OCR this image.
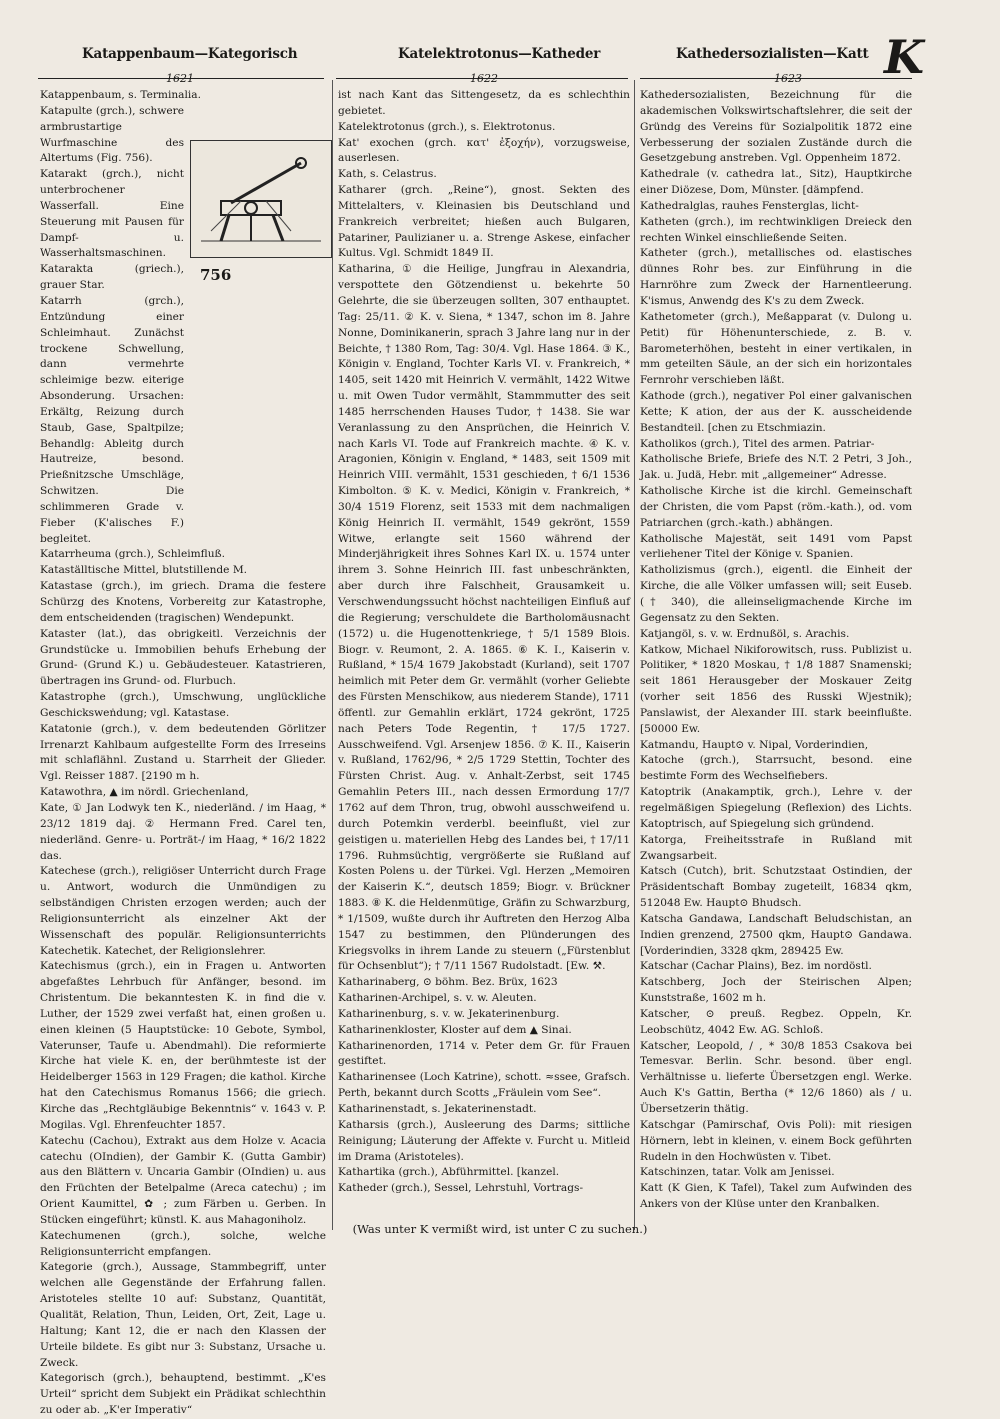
Katappenbaum—Kategorisch	Katelektrotonus—Katheder	Kathedersozialisten—Katt K
1621	1622	1623

Katappenbaum, s. Terminalia.

Katapulte (grch.), schwere armbrustartige Wurfmaschine des Altertums (Fig. 756).

Katarakt (grch.), nicht unterbrochener Wasserfall. Eine Steuerung mit Pausen für Dampf- u. Wasserhaltsmaschinen.

Katarakta (griech.), grauer Star.

Katarrh (grch.), Entzündung einer Schleimhaut. Zunächst trockene Schwellung, dann vermehrte schleimige bezw. eiterige Absonderung. Ursachen: Erkältg, Reizung durch Staub, Gase, Spaltpilze; Behandlg: Ableitg durch Hautreize, besond. Prießnitzsche Umschläge, Schwitzen. Die schlimmeren Grade v. Fieber (K'alisches F.) begleitet.

Katarrheuma (grch.), Schleimfluß.

Kataställtische Mittel, blutstillende M.

Katastase (grch.), im griech. Drama die festere Schürzg des Knotens, Vorbereitg zur Katastrophe, dem entscheidenden (tragischen) Wendepunkt.

Kataster (lat.), das obrigkeitl. Verzeichnis der Grundstücke u. Immobilien behufs Erhebung der Grund- (Grund K.) u. Gebäudesteuer. Katastrieren, übertragen ins Grund- od. Flurbuch.

Katastrophe (grch.), Umschwung, unglückliche Geschicksweṅdung; vgl. Katastase.

Katatonie (grch.), v. dem bedeutenden Görlitzer Irrenarzt Kahlbaum aufgestellte Form des Irreseins mit schlaflähnl. Zustand u. Starrheit der Glieder. Vgl. Reisser 1887. [2190 m h.

Katawothra, ▲ im nördl. Griechenland,

Kate, ① Jan Lodwyk ten K., niederländ. / im Haag, * 23/12 1819 daj. ② Hermann Fred. Carel ten, niederländ. Genre- u. Porträt-/ im Haag, * 16/2 1822 das.

Katechese (grch.), religiöser Unterricht durch Frage u. Antwort, wodurch die Unmündigen zu selbständigen Christen erzogen werden; auch der Religionsunterricht als einzelner Akt der Wissenschaft des populär. Religionsunterrichts Katechetik. Katechet, der Religionslehrer.

Katechismus (grch.), ein in Fragen u. Antworten abgefaßtes Lehrbuch für Anfänger, besond. im Christentum. Die bekanntesten K. in find die v. Luther, der 1529 zwei verfaßt hat, einen großen u. einen kleinen (5 Hauptstücke: 10 Gebote, Symbol, Vaterunser, Taufe u. Abendmahl). Die reformierte Kirche hat viele K. en, der berühmteste ist der Heidelberger 1563 in 129 Fragen; die kathol. Kirche hat den Catechismus Romanus 1566; die griech. Kirche das „Rechtgläubige Bekenntnis“ v. 1643 v. P. Mogilas. Vgl. Ehrenfeuchter 1857.

Katechu (Cachou), Extrakt aus dem Holze v. Acacia catechu (OIndien), der Gambir K. (Gutta Gambir) aus den Blättern v. Uncaria Gambir (OIndien) u. aus den Früchten der Betelpalme (Areca catechu) ; im Orient Kaumittel, ✿ ; zum Färben u. Gerben. In Stücken eingeführt; künstl. K. aus Mahagoniholz.

Katechumenen (grch.), solche, welche Religionsunterricht empfangen.

Kategorie (grch.), Aussage, Stammbegriff, unter welchen alle Gegenstände der Erfahrung fallen. Aristoteles stellte 10 auf: Substanz, Quantität, Qualität, Relation, Thun, Leiden, Ort, Zeit, Lage u. Haltung; Kant 12, die er nach den Klassen der Urteile bildete. Es gibt nur 3: Substanz, Ursache u. Zweck.

Kategorisch (grch.), behauptend, bestimmt. „K'es Urteil“ spricht dem Subjekt ein Prädikat schlechthin zu oder ab. „K'er Imperativ“

ist nach Kant das Sittengesetz, da es schlechthin gebietet.

Katelektrotonus (grch.), s. Elektrotonus.

Kat' exochen (grch. κατ' ἐξοχήν), vorzugsweise, auserlesen.

Kath, s. Celastrus.

Katharer (grch. „Reine“), gnost. Sekten des Mittelalters, v. Kleinasien bis Deutschland und Frankreich verbreitet; hießen auch Bulgaren, Patariner, Paulizianer u. a. Strenge Askese, einfacher Kultus. Vgl. Schmidt 1849 II.

Katharina, ① die Heilige, Jungfrau in Alexandria, verspottete den Götzendienst u. bekehrte 50 Gelehrte, die sie überzeugen sollten, 307 enthauptet. Tag: 25/11. ② K. v. Siena, * 1347, schon im 8. Jahre Nonne, Dominikanerin, sprach 3 Jahre lang nur in der Beichte, † 1380 Rom, Tag: 30/4. Vgl. Hase 1864. ③ K., Königin v. England, Tochter Karls VI. v. Frankreich, * 1405, seit 1420 mit Heinrich V. vermählt, 1422 Witwe u. mit Owen Tudor vermählt, Stammmutter des seit 1485 herrschenden Hauses Tudor, † 1438. Sie war Veranlassung zu den Ansprüchen, die Heinrich V. nach Karls VI. Tode auf Frankreich machte. ④ K. v. Aragonien, Königin v. England, * 1483, seit 1509 mit Heinrich VIII. vermählt, 1531 geschieden, † 6/1 1536 Kimbolton. ⑤ K. v. Medici, Königin v. Frankreich, * 30/4 1519 Florenz, seit 1533 mit dem nachmaligen König Heinrich II. vermählt, 1549 gekrönt, 1559 Witwe, erlangte seit 1560 während der Minderjährigkeit ihres Sohnes Karl IX. u. 1574 unter ihrem 3. Sohne Heinrich III. fast unbeschränkten, aber durch ihre Falschheit, Grausamkeit u. Verschwendungssucht höchst nachteiligen Einfluß auf die Regierung; verschuldete die Bartholomäusnacht (1572) u. die Hugenottenkriege, † 5/1 1589 Blois. Biogr. v. Reumont, 2. A. 1865. ⑥ K. I., Kaiserin v. Rußland, * 15/4 1679 Jakobstadt (Kurland), seit 1707 heimlich mit Peter dem Gr. vermählt (vorher Geliebte des Fürsten Menschikow, aus niederem Stande), 1711 öffentl. zur Gemahlin erklärt, 1724 gekrönt, 1725 nach Peters Tode Regentin, † 17/5 1727. Ausschweifend. Vgl. Arsenjew 1856. ⑦ K. II., Kaiserin v. Rußland, 1762/96, * 2/5 1729 Stettin, Tochter des Fürsten Christ. Aug. v. Anhalt-Zerbst, seit 1745 Gemahlin Peters III., nach dessen Ermordung 17/7 1762 auf dem Thron, trug, obwohl ausschweifend u. durch Potemkin verderbl. beeinflußt, viel zur geistigen u. materiellen Hebg des Landes bei, † 17/11 1796. Ruhmsüchtig, vergrößerte sie Rußland auf Kosten Polens u. der Türkei. Vgl. Herzen „Memoiren der Kaiserin K.“, deutsch 1859; Biogr. v. Brückner 1883. ⑧ K. die Heldenmütige, Gräfin zu Schwarzburg, * 1/1509, wußte durch ihr Auftreten den Herzog Alba 1547 zu bestimmen, den Plünderungen des Kriegsvolks in ihrem Lande zu steuern („Fürstenblut für Ochsenblut“); † 7/11 1567 Rudolstadt. [Ew. ⚒.

Katharinaberg, ⊙ böhm. Bez. Brüx, 1623

Katharinen-Archipel, s. v. w. Aleuten.

Katharinenburg, s. v. w. Jekaterinenburg.

Katharinenkloster, Kloster auf dem ▲ Sinai.

Katharinenorden, 1714 v. Peter dem Gr. für Frauen gestiftet.

Katharinensee (Loch Katrine), schott. ≈ssee, Grafsch. Perth, bekannt durch Scotts „Fräulein vom See“.

Katharinenstadt, s. Jekaterinenstadt.

Katharsis (grch.), Ausleerung des Darms; sittliche Reinigung; Läuterung der Affekte v. Furcht u. Mitleid im Drama (Aristoteles).

Kathartika (grch.), Abführmittel. [kanzel.

Katheder (grch.), Sessel, Lehrstuhl, Vortrags-

Kathedersozialisten, Bezeichnung für die akademischen Volkswirtschaftslehrer, die seit der Gründg des Vereins für Sozialpolitik 1872 eine Verbesserung der sozialen Zustände durch die Gesetzgebung anstreben. Vgl. Oppenheim 1872.

Kathedrale (v. cathedra lat., Sitz), Hauptkirche einer Diözese, Dom, Münster. [dämpfend.

Kathedralglas, rauhes Fensterglas, licht-

Katheten (grch.), im rechtwinkligen Dreieck den rechten Winkel einschließende Seiten.

Katheter (grch.), metallisches od. elastisches dünnes Rohr bes. zur Einführung in die Harnröhre zum Zweck der Harnentleerung. K'ismus, Anwendg des K's zu dem Zweck.

Kathetometer (grch.), Meßapparat (v. Dulong u. Petit) für Höhenunterschiede, z. B. v. Barometerhöhen, besteht in einer vertikalen, in mm geteilten Säule, an der sich ein horizontales Fernrohr verschieben läßt.

Kathode (grch.), negativer Pol einer galvanischen Kette; K ation, der aus der K. ausscheidende Bestandteil. [chen zu Etschmiazin.

Katholikos (grch.), Titel des armen. Patriar-

Katholische Briefe, Briefe des N.T. 2 Petri, 3 Joh., Jak. u. Judä, Hebr. mit „allgemeiner“ Adresse.

Katholische Kirche ist die kirchl. Gemeinschaft der Christen, die vom Papst (röm.-kath.), od. vom Patriarchen (grch.-kath.) abhängen.

Katholische Majestät, seit 1491 vom Papst verliehener Titel der Könige v. Spanien.

Katholizismus (grch.), eigentl. die Einheit der Kirche, die alle Völker umfassen will; seit Euseb. († 340), die alleinseligmachende Kirche im Gegensatz zu den Sekten.

Katjangöl, s. v. w. Erdnußöl, s. Arachis.

Katkow, Michael Nikiforowitsch, russ. Publizist u. Politiker, * 1820 Moskau, † 1/8 1887 Snamenski; seit 1861 Herausgeber der Moskauer Zeitg (vorher seit 1856 des Russki Wjestnik); Panslawist, der Alexander III. stark beeinflußte. [50000 Ew.

Katmandu, Haupt⊙ v. Nipal, Vorderindien,

Katoche (grch.), Starrsucht, besond. eine bestimte Form des Wechselfiebers.

Katoptrik (Anakamptik, grch.), Lehre v. der regelmäßigen Spiegelung (Reflexion) des Lichts. Katoptrisch, auf Spiegelung sich gründend.

Katorga, Freiheitsstrafe in Rußland mit Zwangsarbeit.

Katsch (Cutch), brit. Schutzstaat Ostindien, der Präsidentschaft Bombay zugeteilt, 16834 qkm, 512048 Ew. Haupt⊙ Bhudsch.

Katscha Gandawa, Landschaft Beludschistan, an Indien grenzend, 27500 qkm, Haupt⊙ Gandawa. [Vorderindien, 3328 qkm, 289425 Ew.

Katschar (Cachar Plains), Bez. im nordöstl.

Katschberg, Joch der Steirischen Alpen; Kunststraße, 1602 m h.

Katscher, ⊙ preuß. Regbez. Oppeln, Kr. Leobschütz, 4042 Ew. AG. Schloß.

Katscher, Leopold, / , * 30/8 1853 Csakova bei Temesvar. Berlin. Schr. besond. über engl. Verhältnisse u. lieferte Übersetzgen engl. Werke. Auch K's Gattin, Bertha (* 12/6 1860) als / u. Übersetzerin thätig.

Katschgar (Pamirschaf, Ovis Poli): mit riesigen Hörnern, lebt in kleinen, v. einem Bock geführten Rudeln in den Hochwüsten v. Tibet.

Katschinzen, tatar. Volk am Jenissei.

Katt (K Gien, K Tafel), Takel zum Aufwinden des Ankers von der Klüse unter den Kranbalken.

756
(Was unter K vermißt wird, ist unter C zu suchen.)
